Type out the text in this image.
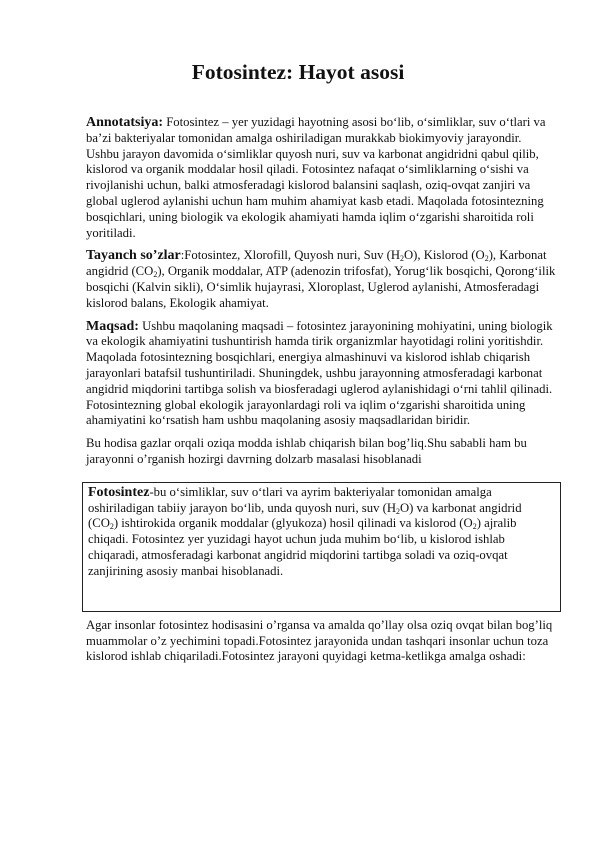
Fotosintez: Hayot asosi

Annotatsiya: Fotosintez – yer yuzidagi hayotning asosi bo‘lib, o‘simliklar, suv o‘tlari va ba’zi bakteriyalar tomonidan amalga oshiriladigan murakkab biokimyoviy jarayondir. Ushbu jarayon davomida o‘simliklar quyosh nuri, suv va karbonat angidridni qabul qilib, kislorod va organik moddalar hosil qiladi. Fotosintez nafaqat o‘simliklarning o‘sishi va rivojlanishi uchun, balki atmosferadagi kislorod balansini saqlash, oziq-ovqat zanjiri va global uglerod aylanishi uchun ham muhim ahamiyat kasb etadi. Maqolada fotosintezning bosqichlari, uning biologik va ekologik ahamiyati hamda iqlim o‘zgarishi sharoitida roli yoritiladi.

Tayanch so’zlar:Fotosintez, Xlorofill, Quyosh nuri, Suv $(H_2O)$, Kislorod $(O_2)$, Karbonat angidrid $(CO_2)$, Organik moddalar, ATP (adenozin trifosfat), Yorug‘lik bosqichi, Qorong‘ilik bosqichi (Kalvin sikli), O‘simlik hujayrasi, Xloroplast, Uglerod aylanishi, Atmosferadagi kislorod balans, Ekologik ahamiyat.

Maqsad: Ushbu maqolaning maqsadi – fotosintez jarayonining mohiyatini, uning biologik va ekologik ahamiyatini tushuntirish hamda tirik organizmlar hayotidagi rolini yoritishdir. Maqolada fotosintezning bosqichlari, energiya almashinuvi va kislorod ishlab chiqarish jarayonlari batafsil tushuntiriladi. Shuningdek, ushbu jarayonning atmosferadagi karbonat angidrid miqdorini tartibga solish va biosferadagi uglerod aylanishidagi o‘rni tahlil qilinadi. Fotosintezning global ekologik jarayonlardagi roli va iqlim o‘zgarishi sharoitida uning ahamiyatini ko‘rsatish ham ushbu maqolaning asosiy maqsadlaridan biridir.

Bu hodisa gazlar orqali oziqa modda ishlab chiqarish bilan bog’liq.Shu sababli ham bu jarayonni o’rganish hozirgi davrning dolzarb masalasi hisoblanadi

Fotosintez-bu o‘simliklar, suv o‘tlari va ayrim bakteriyalar tomonidan amalga oshiriladigan tabiiy jarayon bo‘lib, unda quyosh nuri, suv $(H_2O)$ va karbonat angidrid $(CO_2)$ ishtirokida organik moddalar (glyukoza) hosil qilinadi va kislorod $(O_2)$ ajralib chiqadi. Fotosintez yer yuzidagi hayot uchun juda muhim bo‘lib, u kislorod ishlab chiqaradi, atmosferadagi karbonat angidrid miqdorini tartibga soladi va oziq-ovqat zanjirining asosiy manbai hisoblanadi.

Agar insonlar fotosintez hodisasini o’rgansa va amalda qo’llay olsa oziq ovqat bilan bog’liq muammolar o’z yechimini topadi.Fotosintez jarayonida undan tashqari insonlar uchun toza kislorod ishlab chiqariladi.Fotosintez jarayoni quyidagi ketma-ketlikga amalga oshadi:
